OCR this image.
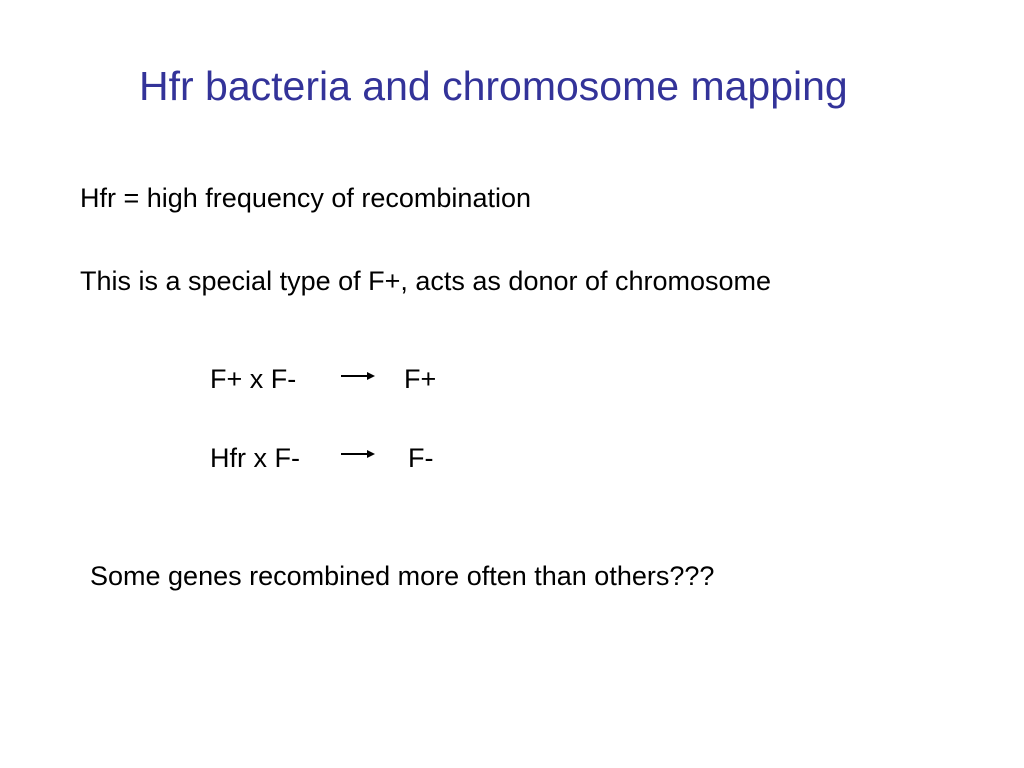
Hfr bacteria and chromosome mapping
Hfr = high frequency of recombination
This is a special type of F+, acts as donor of chromosome
F+ x F-	F+
Hfr x F-	F-
Some genes recombined more often than others???
